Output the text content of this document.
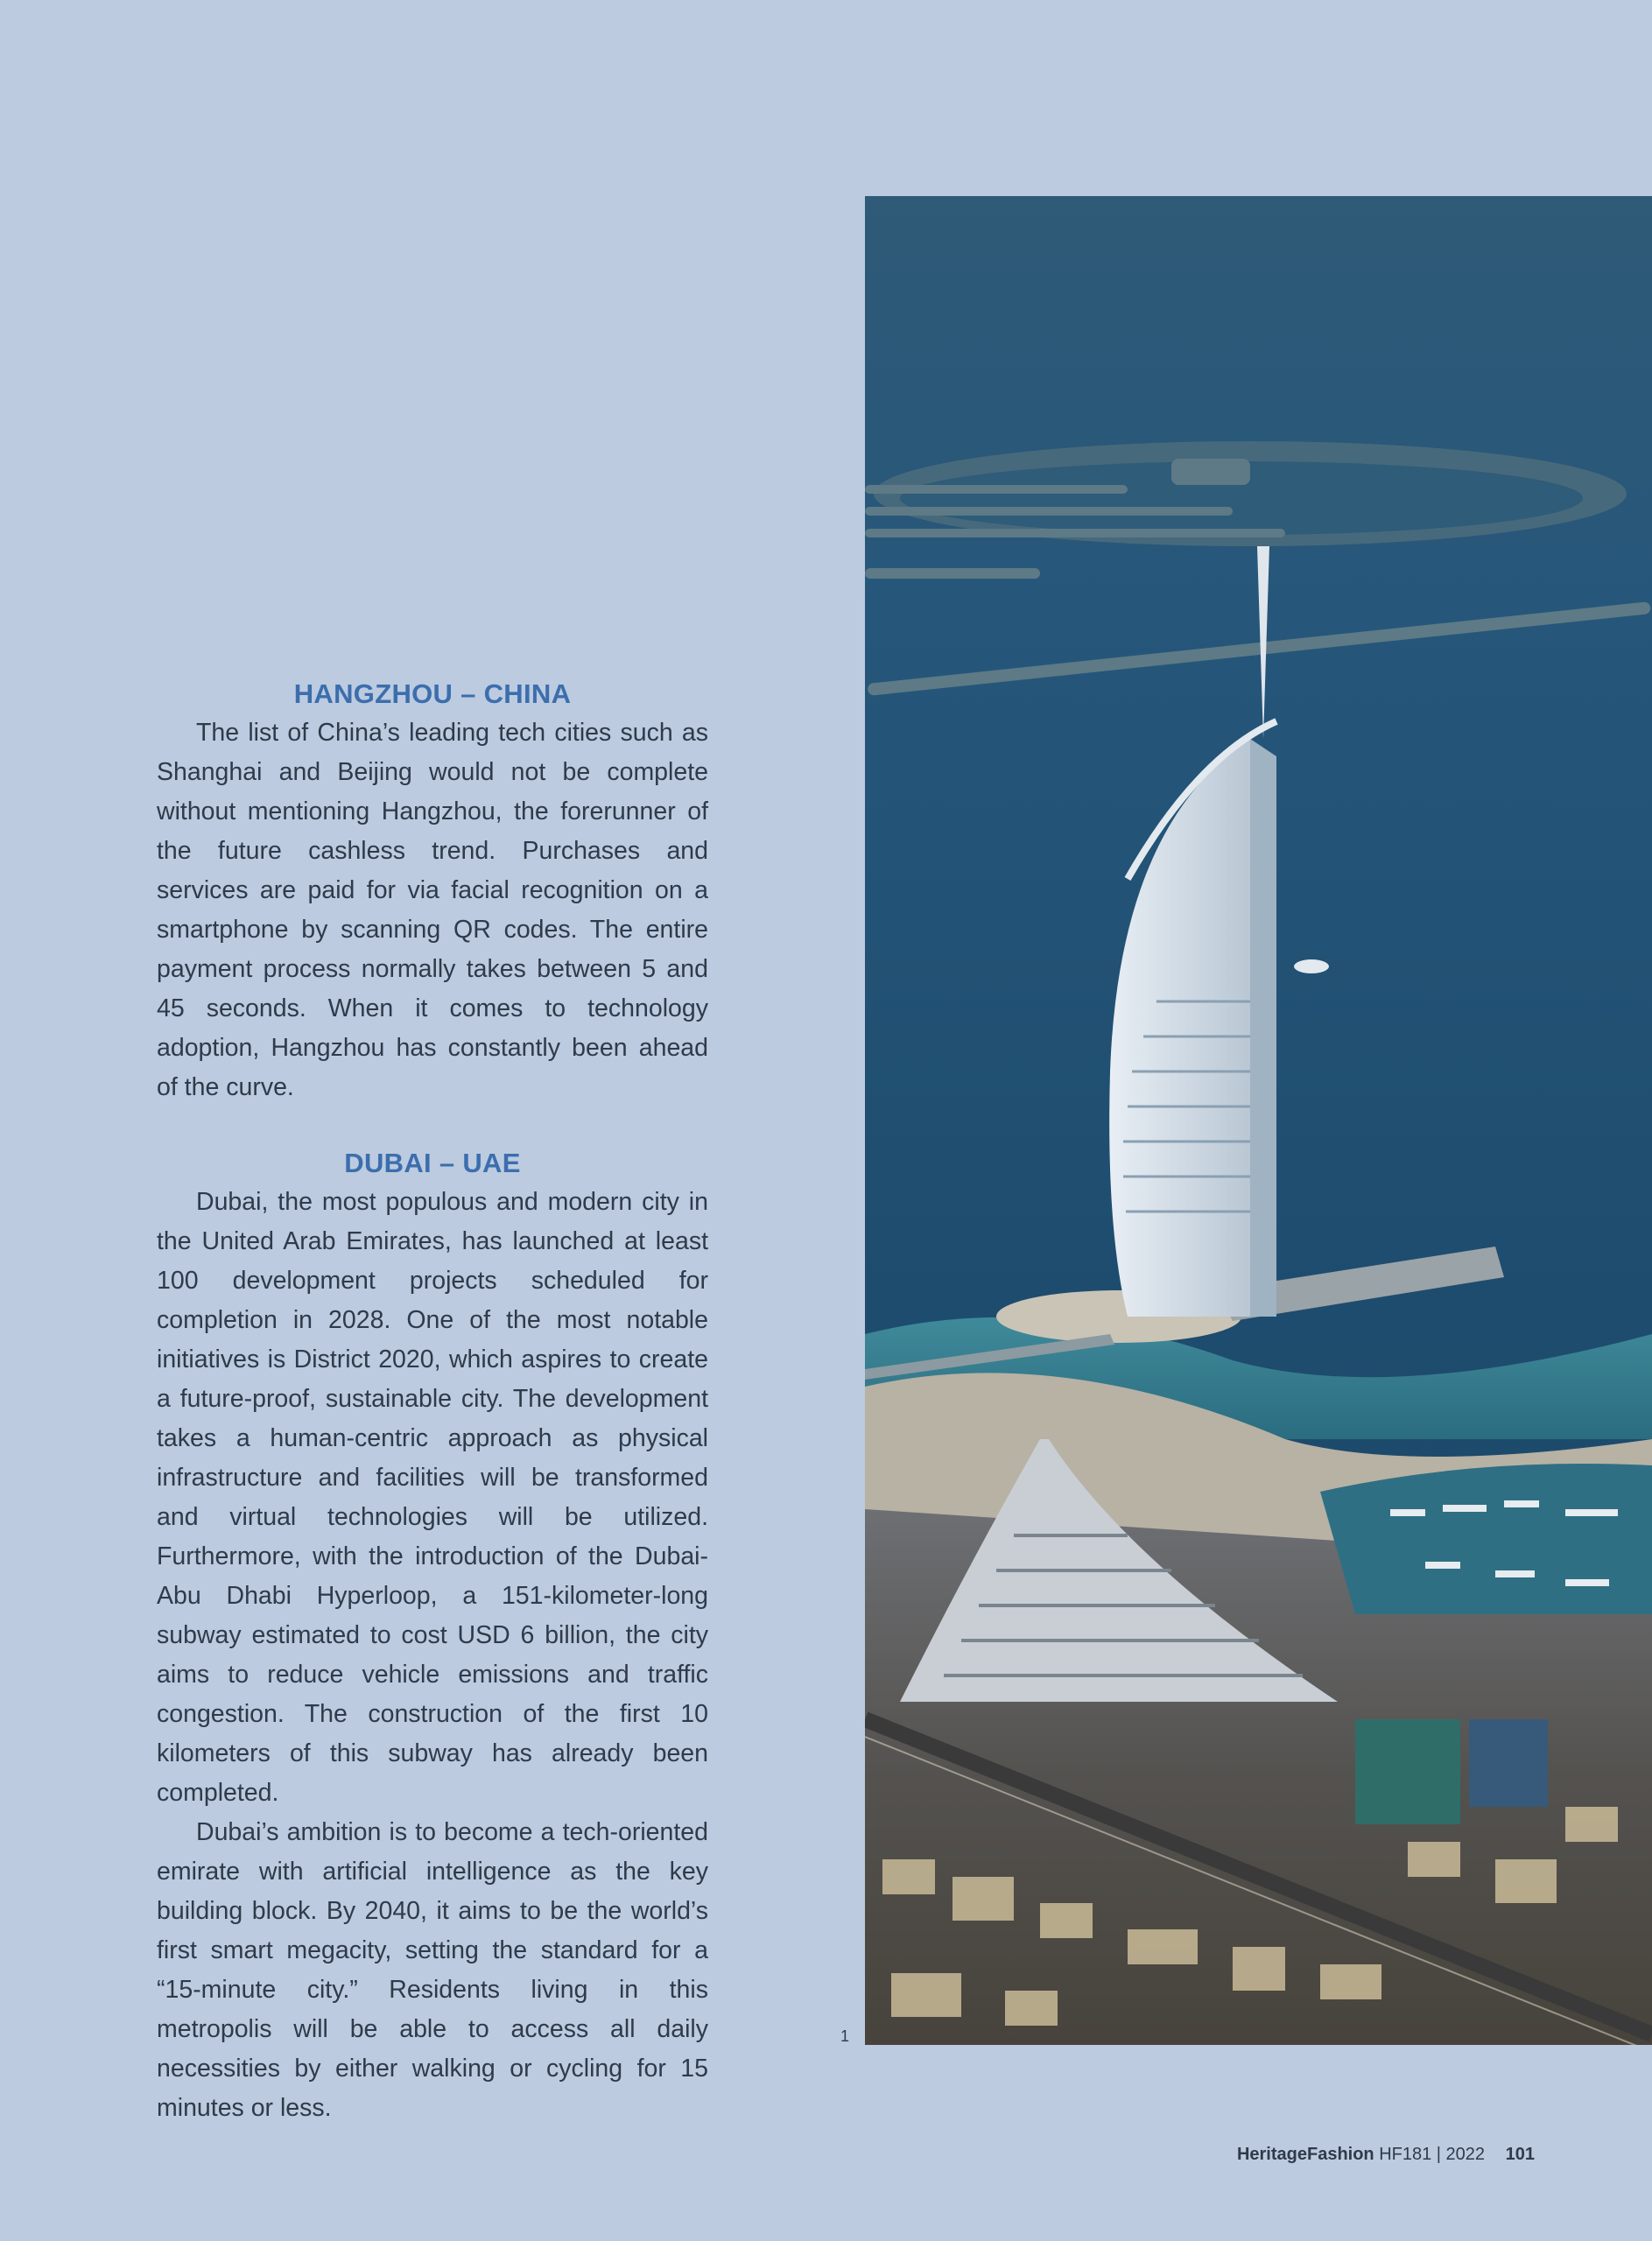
HANGZHOU – CHINA

The list of China’s leading tech cities such as Shanghai and Beijing would not be complete without mentioning Hangzhou, the forerunner of the future cashless trend. Purchases and services are paid for via facial recognition on a smartphone by scanning QR codes. The entire payment process normally takes between 5 and 45 seconds. When it comes to technology adoption, Hangzhou has constantly been ahead of the curve.

DUBAI – UAE

Dubai, the most populous and modern city in the United Arab Emirates, has launched at least 100 development projects scheduled for completion in 2028. One of the most notable initiatives is District 2020, which aspires to create a future-proof, sustainable city. The development takes a human-centric approach as physical infrastructure and facilities will be transformed and virtual technologies will be utilized. Furthermore, with the introduction of the Dubai-Abu Dhabi Hyperloop, a 151-kilometer-long subway estimated to cost USD 6 billion, the city aims to reduce vehicle emissions and traffic congestion. The construction of the first 10 kilometers of this subway has already been completed.

Dubai’s ambition is to become a tech-oriented emirate with artificial intelligence as the key building block. By 2040, it aims to be the world’s first smart megacity, setting the standard for a “15-minute city.” Residents living in this metropolis will be able to access all daily necessities by either walking or cycling for 15 minutes or less.

1
HeritageFashion HF181 | 2022 101
